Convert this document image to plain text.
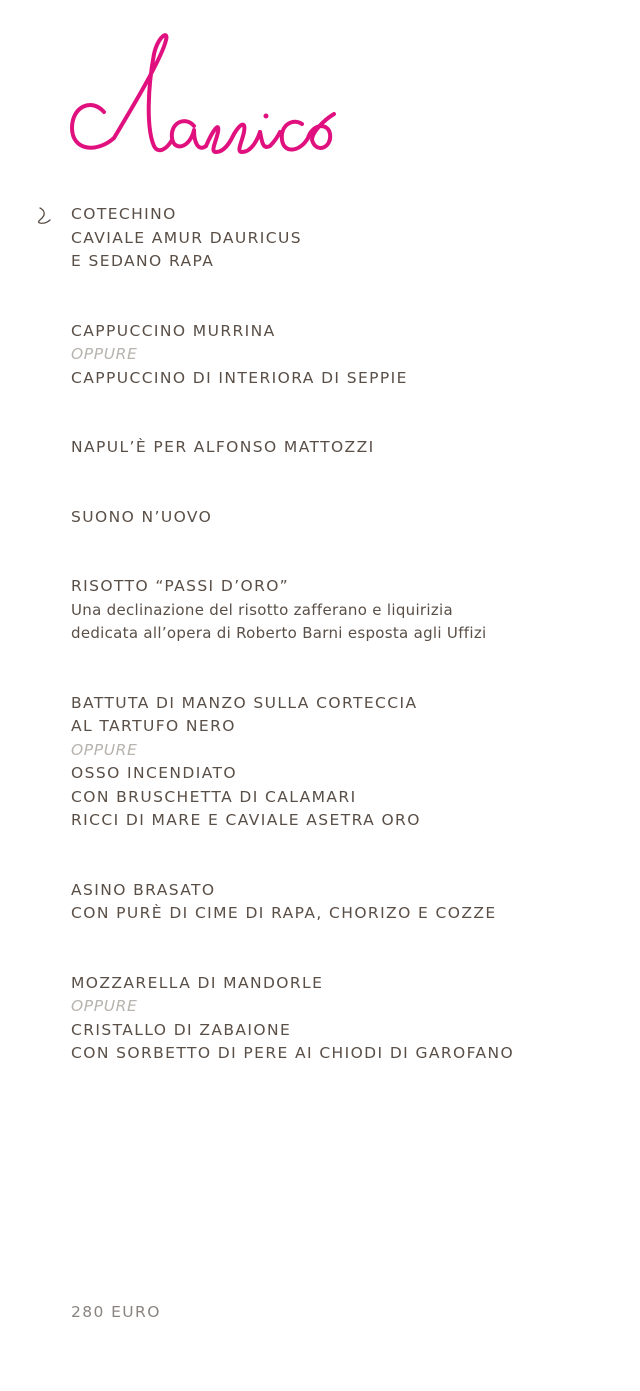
COTECHINO
CAVIALE AMUR DAURICUS
E SEDANO RAPA
CAPPUCCINO MURRINA
OPPURE
CAPPUCCINO DI INTERIORA DI SEPPIE
NAPUL’È PER ALFONSO MATTOZZI
SUONO N’UOVO
RISOTTO “PASSI D’ORO”
Una declinazione del risotto zafferano e liquirizia
dedicata all’opera di Roberto Barni esposta agli Uffizi
BATTUTA DI MANZO SULLA CORTECCIA
AL TARTUFO NERO
OPPURE
OSSO INCENDIATO
CON BRUSCHETTA DI CALAMARI
RICCI DI MARE E CAVIALE ASETRA ORO
ASINO BRASATO
CON PURÈ DI CIME DI RAPA, CHORIZO E COZZE
MOZZARELLA DI MANDORLE
OPPURE
CRISTALLO DI ZABAIONE
CON SORBETTO DI PERE AI CHIODI DI GAROFANO
280 EURO
